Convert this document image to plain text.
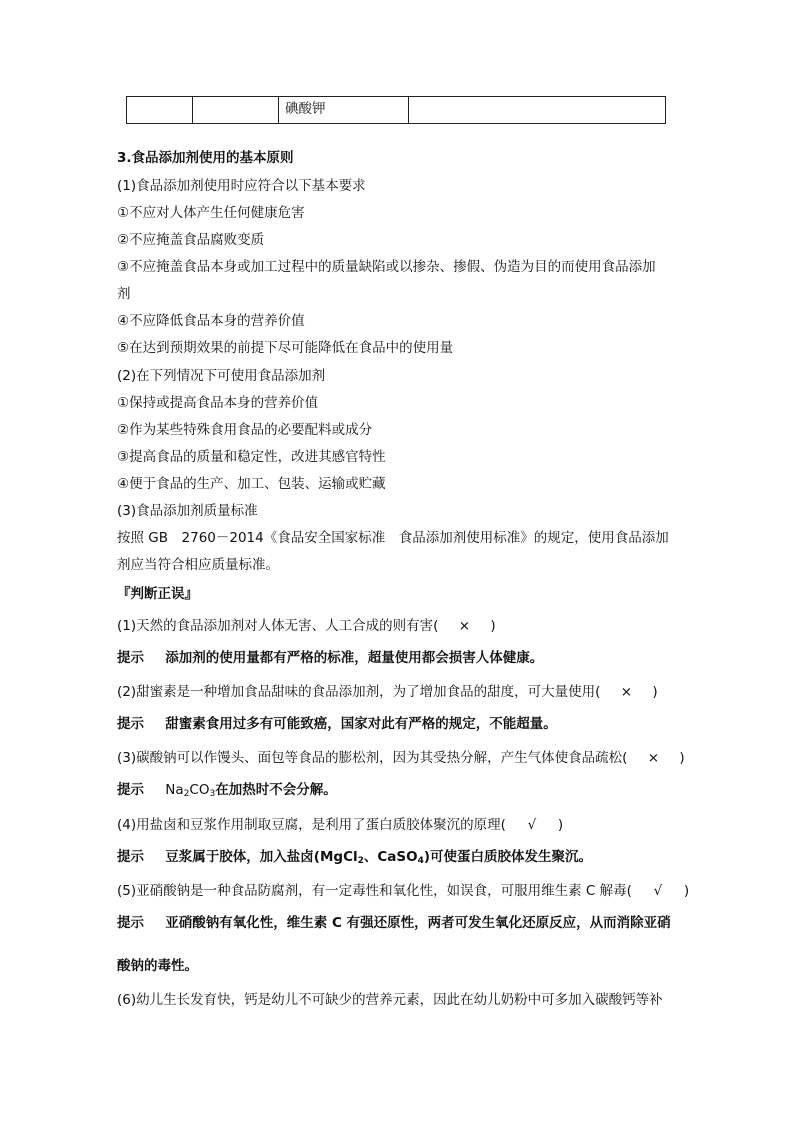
碘酸钾
3.食品添加剂使用的基本原则
(1)食品添加剂使用时应符合以下基本要求
①不应对人体产生任何健康危害
②不应掩盖食品腐败变质
③不应掩盖食品本身或加工过程中的质量缺陷或以掺杂、掺假、伪造为目的而使用食品添加
剂
④不应降低食品本身的营养价值
⑤在达到预期效果的前提下尽可能降低在食品中的使用量
(2)在下列情况下可使用食品添加剂
①保持或提高食品本身的营养价值
②作为某些特殊食用食品的必要配料或成分
③提高食品的质量和稳定性，改进其感官特性
④便于食品的生产、加工、包装、运输或贮藏
(3)食品添加剂质量标准
按照 GB　2760－2014《食品安全国家标准　食品添加剂使用标准》的规定，使用食品添加
剂应当符合相应质量标准。
『判断正误』
(1)天然的食品添加剂对人体无害、人工合成的则有害( × )
提示 添加剂的使用量都有严格的标准，超量使用都会损害人体健康。
(2)甜蜜素是一种增加食品甜味的食品添加剂，为了增加食品的甜度，可大量使用( × )
提示 甜蜜素食用过多有可能致癌，国家对此有严格的规定，不能超量。
(3)碳酸钠可以作馒头、面包等食品的膨松剂，因为其受热分解，产生气体使食品疏松( × )
提示 $Na_2CO_3$在加热时不会分解。
(4)用盐卤和豆浆作用制取豆腐，是利用了蛋白质胶体聚沉的原理( √ )
提示 豆浆属于胶体，加入盐卤(MgCl$_2$、CaSO$_4$)可使蛋白质胶体发生聚沉。
(5)亚硝酸钠是一种食品防腐剂，有一定毒性和氧化性，如误食，可服用维生素 C 解毒( √ )
提示 亚硝酸钠有氧化性，维生素 C 有强还原性，两者可发生氧化还原反应，从而消除亚硝
酸钠的毒性。
(6)幼儿生长发育快，钙是幼儿不可缺少的营养元素，因此在幼儿奶粉中可多加入碳酸钙等补
